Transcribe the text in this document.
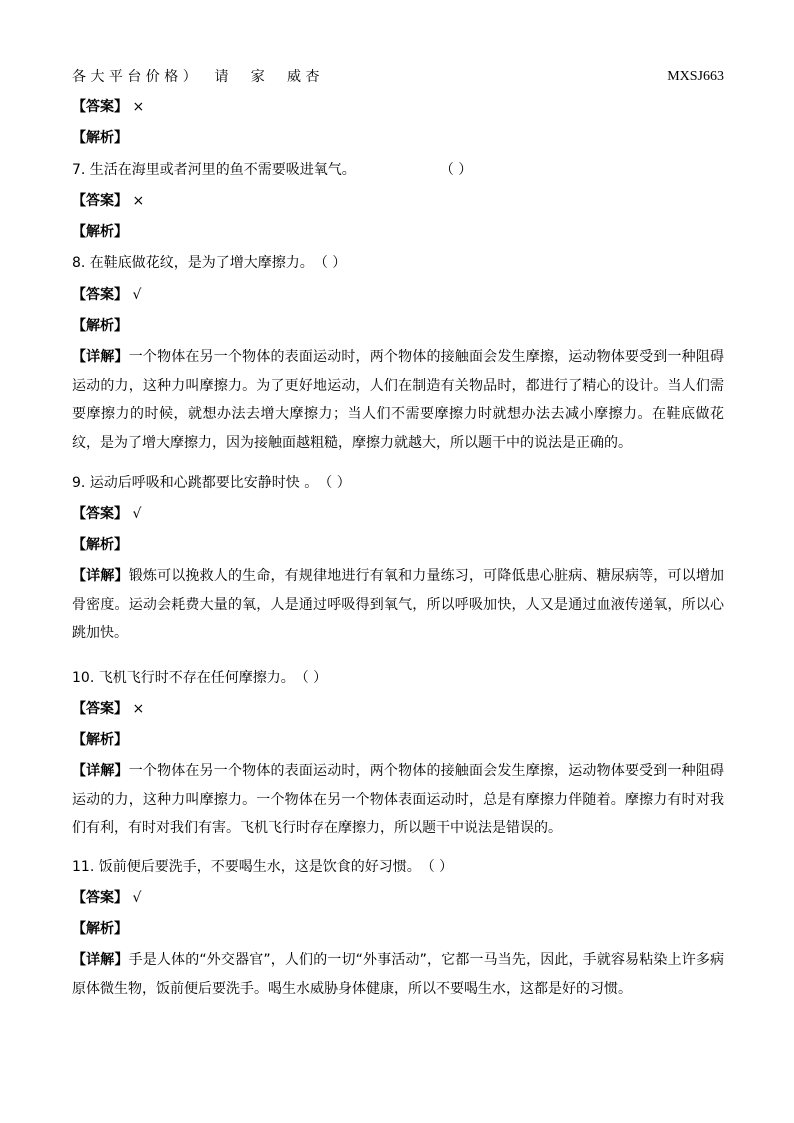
各 大 平 台 价 格 ）    请     家     威 杏	MXSJ663
【答案】 ×
【解析】
7. 生活在海里或者河里的鱼不需要吸进氧气。	（ ）
【答案】 ×
【解析】
8. 在鞋底做花纹，是为了增大摩擦力。（ ）
【答案】 √
【解析】
【详解】一个物体在另一个物体的表面运动时，两个物体的接触面会发生摩擦，运动物体要受到一种阻碍运动的力，这种力叫摩擦力。为了更好地运动，人们在制造有关物品时，都进行了精心的设计。当人们需要摩擦力的时候，就想办法去增大摩擦力；当人们不需要摩擦力时就想办法去减小摩擦力。在鞋底做花纹，是为了增大摩擦力，因为接触面越粗糙，摩擦力就越大，所以题干中的说法是正确的。
9. 运动后呼吸和心跳都要比安静时快 。（ ）
【答案】 √
【解析】
【详解】锻炼可以挽救人的生命，有规律地进行有氧和力量练习，可降低患心脏病、糖尿病等，可以增加骨密度。运动会耗费大量的氧，人是通过呼吸得到氧气，所以呼吸加快，人又是通过血液传递氧，所以心跳加快。
10. 飞机飞行时不存在任何摩擦力。（ ）
【答案】 ×
【解析】
【详解】一个物体在另一个物体的表面运动时，两个物体的接触面会发生摩擦，运动物体要受到一种阻碍运动的力，这种力叫摩擦力。一个物体在另一个物体表面运动时，总是有摩擦力伴随着。摩擦力有时对我们有利，有时对我们有害。飞机飞行时存在摩擦力，所以题干中说法是错误的。
11. 饭前便后要洗手，不要喝生水，这是饮食的好习惯。（ ）
【答案】 √
【解析】
【详解】手是人体的“外交器官”，人们的一切“外事活动”，它都一马当先，因此，手就容易粘染上许多病原体微生物，饭前便后要洗手。喝生水威胁身体健康，所以不要喝生水，这都是好的习惯。
